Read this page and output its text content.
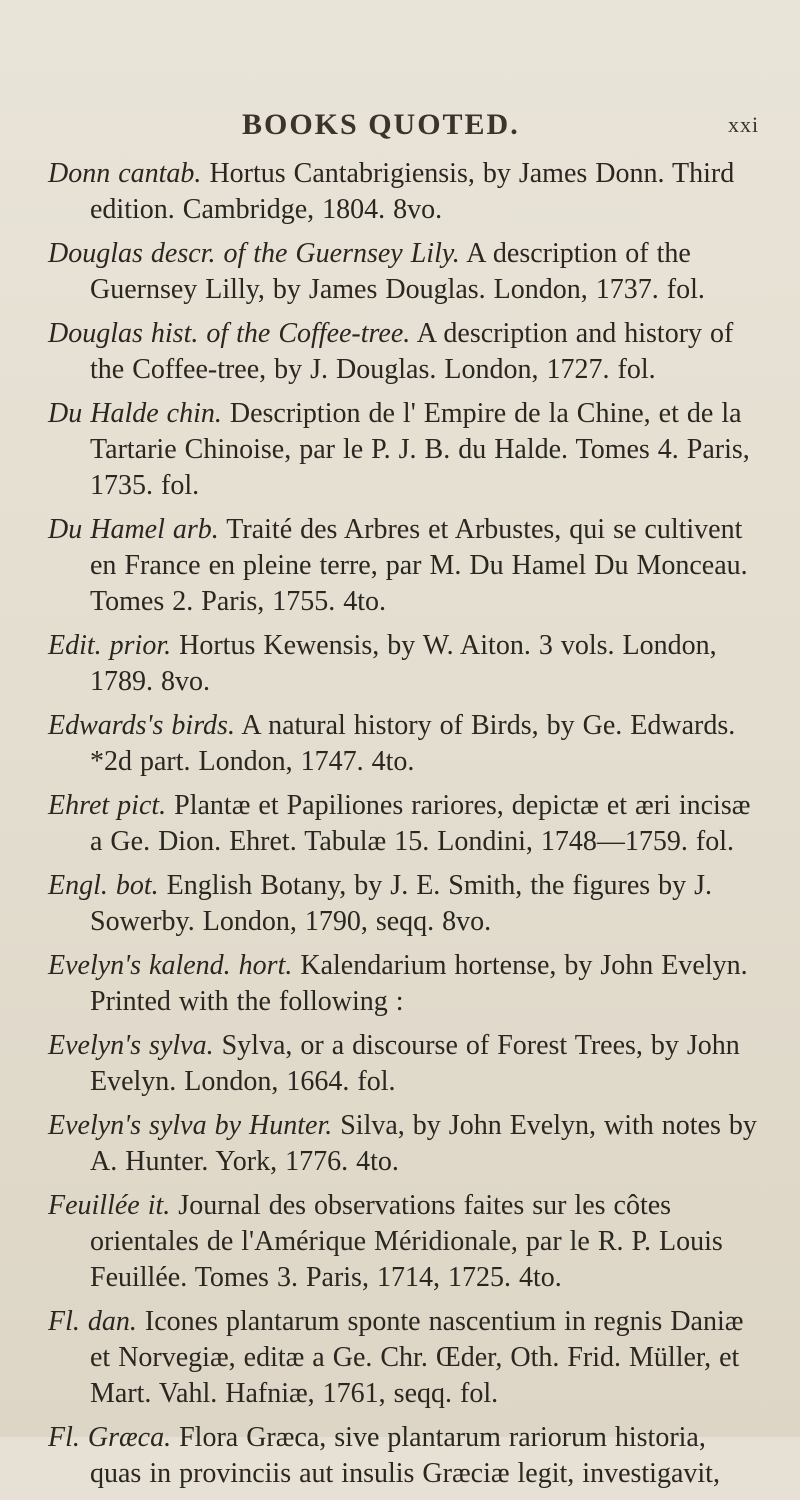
BOOKS QUOTED.	xxi

Donn cantab. Hortus Cantabrigiensis, by James Donn. Third edition. Cambridge, 1804. 8vo.

Douglas descr. of the Guernsey Lily. A description of the Guernsey Lilly, by James Douglas. London, 1737. fol.

Douglas hist. of the Coffee-tree. A description and history of the Coffee-tree, by J. Douglas. London, 1727. fol.

Du Halde chin. Description de l' Empire de la Chine, et de la Tartarie Chinoise, par le P. J. B. du Halde. Tomes 4. Paris, 1735. fol.

Du Hamel arb. Traité des Arbres et Arbustes, qui se cultivent en France en pleine terre, par M. Du Hamel Du Monceau. Tomes 2. Paris, 1755. 4to.

Edit. prior. Hortus Kewensis, by W. Aiton. 3 vols. London, 1789. 8vo.

Edwards's birds. A natural history of Birds, by Ge. Edwards. *2d part. London, 1747. 4to.

Ehret pict. Plantæ et Papiliones rariores, depictæ et æri incisæ a Ge. Dion. Ehret. Tabulæ 15. Londini, 1748—1759. fol.

Engl. bot. English Botany, by J. E. Smith, the figures by J. Sowerby. London, 1790, seqq. 8vo.

Evelyn's kalend. hort. Kalendarium hortense, by John Evelyn. Printed with the following :

Evelyn's sylva. Sylva, or a discourse of Forest Trees, by John Evelyn. London, 1664. fol.

Evelyn's sylva by Hunter. Silva, by John Evelyn, with notes by A. Hunter. York, 1776. 4to.

Feuillée it. Journal des observations faites sur les côtes orientales de l'Amérique Méridionale, par le R. P. Louis Feuillée. Tomes 3. Paris, 1714, 1725. 4to.

Fl. dan. Icones plantarum sponte nascentium in regnis Daniæ et Norvegiæ, editæ a Ge. Chr. Œder, Oth. Frid. Müller, et Mart. Vahl. Hafniæ, 1761, seqq. fol.

Fl. Græca. Flora Græca, sive plantarum rariorum historia, quas in provinciis aut insulis Græciæ legit, investigavit,
